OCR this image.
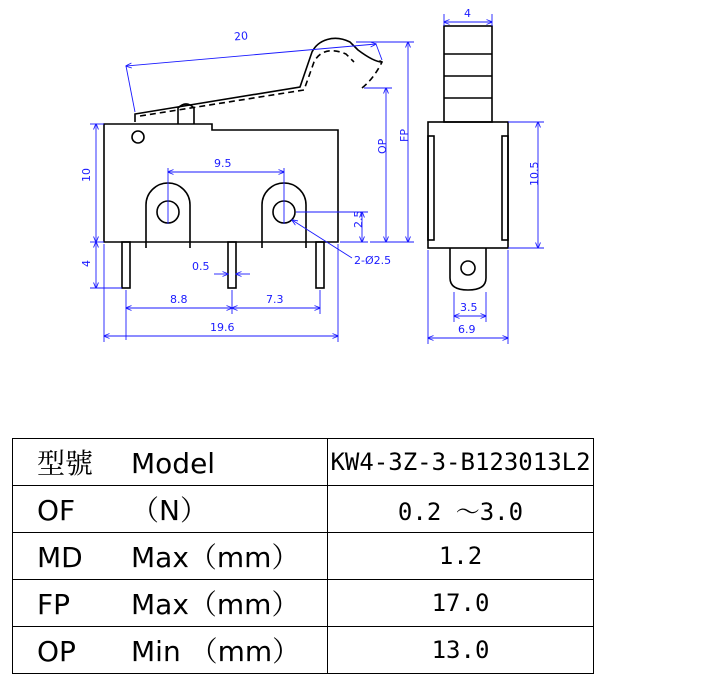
20
9.5
10
4	0.5
8.8	7.3
19.6
2.5
2-Ø2.5
OP
FP
4
10.5
3.5
6.9
型號 Model	KW4-3Z-3-B123013L2
OF （N）	0.2 ～3.0
MD Max（mm）	1.2
FP Max（mm）	17.0
OP Min （mm）	13.0
